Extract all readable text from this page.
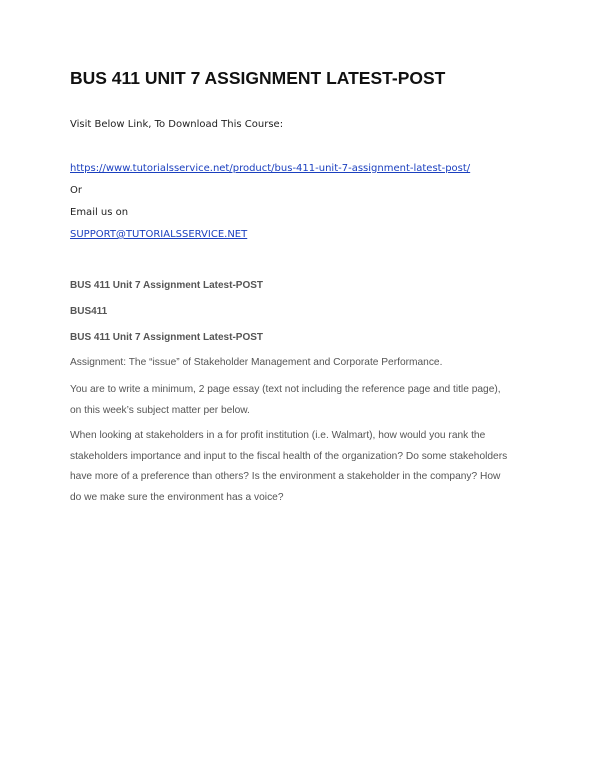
BUS 411 UNIT 7 ASSIGNMENT LATEST-POST
Visit Below Link, To Download This Course:
https://www.tutorialsservice.net/product/bus-411-unit-7-assignment-latest-post/
Or
Email us on
SUPPORT@TUTORIALSSERVICE.NET
BUS 411 Unit 7 Assignment Latest-POST
BUS411
BUS 411 Unit 7 Assignment Latest-POST

Assignment: The “issue” of Stakeholder Management and Corporate Performance.

You are to write a minimum, 2 page essay (text not including the reference page and title page), on this week’s subject matter per below.

When looking at stakeholders in a for profit institution (i.e. Walmart), how would you rank the stakeholders importance and input to the fiscal health of the organization? Do some stakeholders have more of a preference than others? Is the environment a stakeholder in the company? How do we make sure the environment has a voice?
